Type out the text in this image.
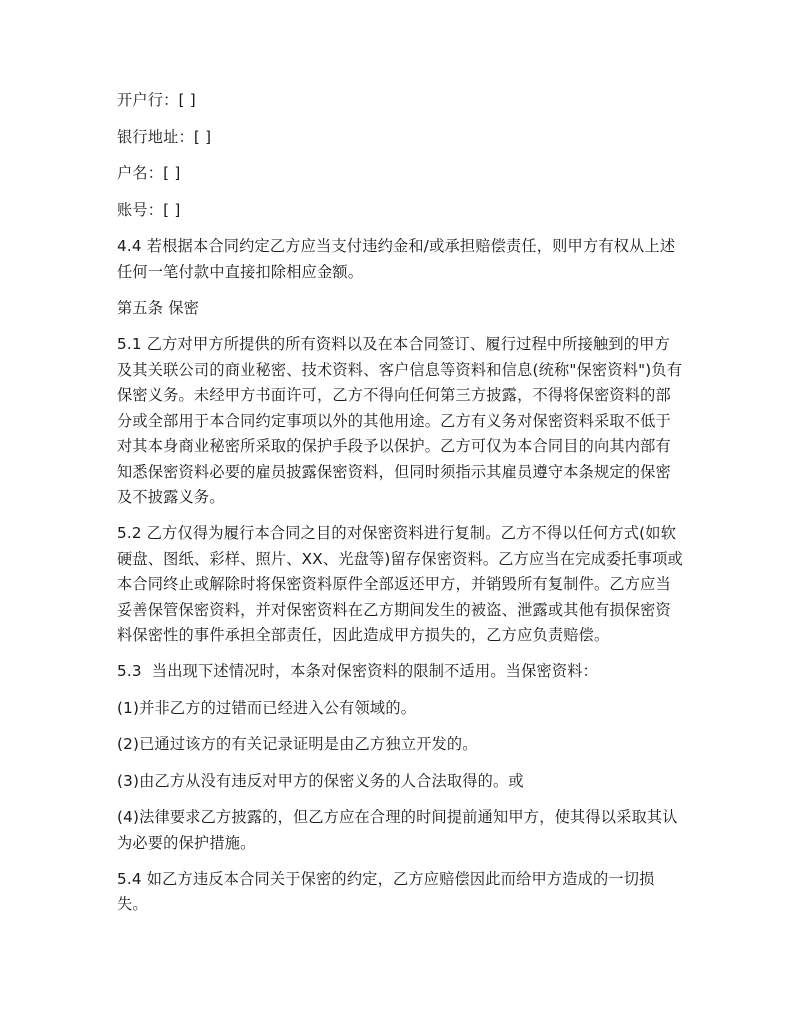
开户行：[ ]

银行地址：[ ]

户名：[ ]

账号：[ ]

4.4 若根据本合同约定乙方应当支付违约金和/或承担赔偿责任，则甲方有权从上述任何一笔付款中直接扣除相应金额。

第五条 保密

5.1 乙方对甲方所提供的所有资料以及在本合同签订、履行过程中所接触到的甲方及其关联公司的商业秘密、技术资料、客户信息等资料和信息(统称"保密资料")负有保密义务。未经甲方书面许可，乙方不得向任何第三方披露，不得将保密资料的部分或全部用于本合同约定事项以外的其他用途。乙方有义务对保密资料采取不低于对其本身商业秘密所采取的保护手段予以保护。乙方可仅为本合同目的向其内部有知悉保密资料必要的雇员披露保密资料，但同时须指示其雇员遵守本条规定的保密及不披露义务。

5.2 乙方仅得为履行本合同之目的对保密资料进行复制。乙方不得以任何方式(如软硬盘、图纸、彩样、照片、XX、光盘等)留存保密资料。乙方应当在完成委托事项或本合同终止或解除时将保密资料原件全部返还甲方，并销毁所有复制件。乙方应当妥善保管保密资料，并对保密资料在乙方期间发生的被盗、泄露或其他有损保密资料保密性的事件承担全部责任，因此造成甲方损失的，乙方应负责赔偿。

5.3  当出现下述情况时，本条对保密资料的限制不适用。当保密资料：

(1)并非乙方的过错而已经进入公有领域的。

(2)已通过该方的有关记录证明是由乙方独立开发的。

(3)由乙方从没有违反对甲方的保密义务的人合法取得的。或

(4)法律要求乙方披露的，但乙方应在合理的时间提前通知甲方，使其得以采取其认为必要的保护措施。

5.4 如乙方违反本合同关于保密的约定，乙方应赔偿因此而给甲方造成的一切损失。
